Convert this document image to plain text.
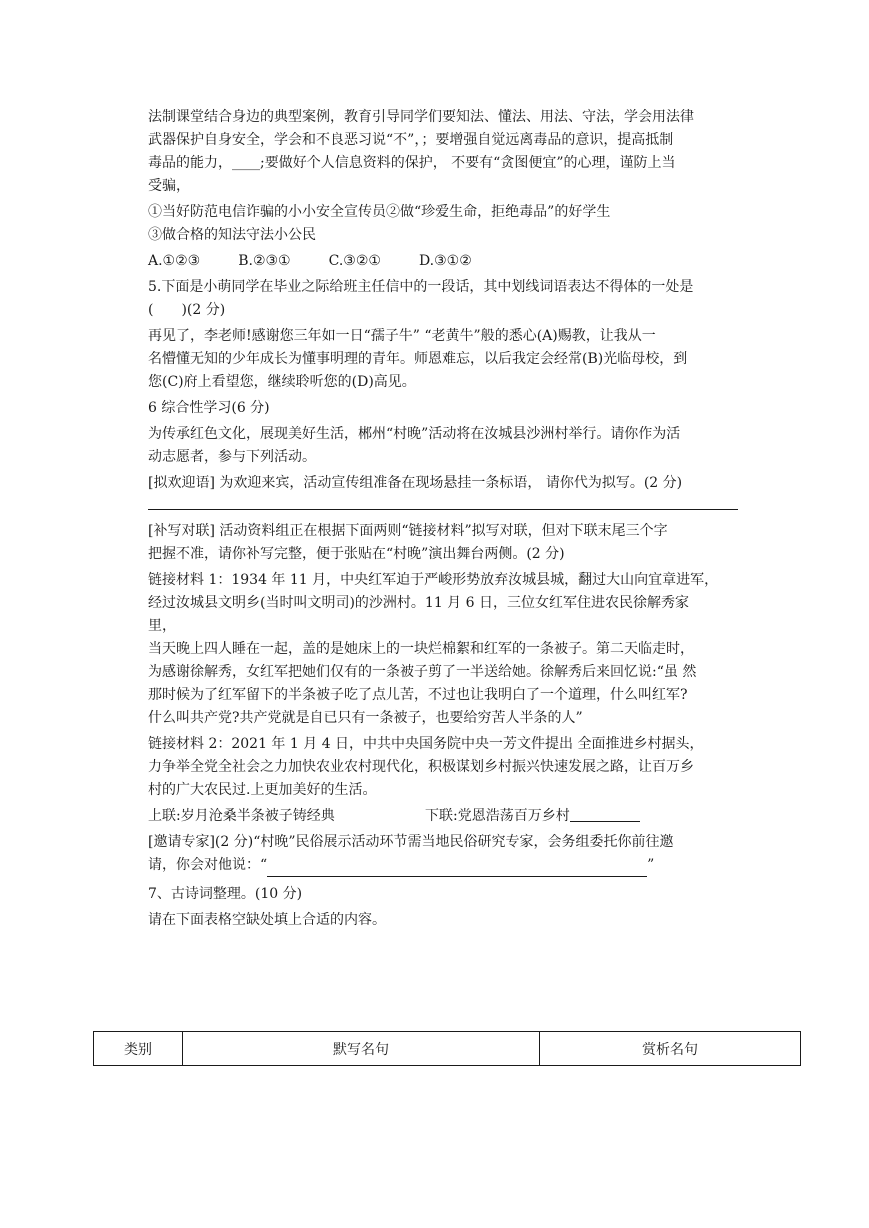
法制课堂结合身边的典型案例，教育引导同学们要知法、懂法、用法、守法，学会用法律
武器保护自身安全，学会和不良恶习说“不”，；要增强自觉远离毒品的意识，提高抵制
毒品的能力，____;要做好个人信息资料的保护， 不要有“贪图便宜”的心理，谨防上当
受骗，
①当好防范电信诈骗的小小安全宣传员②做“珍爱生命，拒绝毒品”的好学生
③做合格的知法守法小公民
A.①②③	B.②③①	C.③②①	D.③①②
5.下面是小萌同学在毕业之际给班主任信中的一段话，其中划线词语表达不得体的一处是
(　　)(2 分)
再见了，李老师!感谢您三年如一日“孺子牛” “老黄牛”般的悉心(A)赐教，让我从一
名懵懂无知的少年成长为懂事明理的青年。师恩难忘，以后我定会经常(B)光临母校，到
您(C)府上看望您，继续聆听您的(D)高见。
6 综合性学习(6 分)
为传承红色文化，展现美好生活，郴州“村晚”活动将在汝城县沙洲村举行。请你作为活
动志愿者，参与下列活动。
[拟欢迎语] 为欢迎来宾，活动宣传组准备在现场悬挂一条标语， 请你代为拟写。(2 分)
[补写对联] 活动资料组正在根据下面两则“链接材料”拟写对联，但对下联末尾三个字
把握不准，请你补写完整，便于张贴在“村晚”演出舞台两侧。(2 分)
链接材料 1：1934 年 11 月，中央红军迫于严峻形势放弃汝城县城，翻过大山向宜章进军，
经过汝城县文明乡(当时叫文明司)的沙洲村。11 月 6 日，三位女红军住进农民徐解秀家
里，
当天晚上四人睡在一起，盖的是她床上的一块烂棉絮和红军的一条被子。第二天临走时，
为感谢徐解秀，女红军把她们仅有的一条被子剪了一半送给她。徐解秀后来回忆说:“虽 然
那时候为了红军留下的半条被子吃了点儿苦，不过也让我明白了一个道理，什么叫红军?
什么叫共产党?共产党就是自已只有一条被子，也要给穷苦人半条的人”
链接材料 2：2021 年 1 月 4 日，中共中央国务院中央一芳文件提出 全面推进乡村据头，
力争举全党全社会之力加快农业农村现代化，积极谋划乡村振兴快速发展之路，让百万乡
村的广大农民过.上更加美好的生活。
上联:岁月沧桑半条被子铸经典	下联:党恩浩荡百万乡村
[邀请专家](2 分)“村晚”民俗展示活动环节需当地民俗研究专家，会务组委托你前往邀
请，你会对他说：“	”
7、古诗词整理。(10 分)
请在下面表格空缺处填上合适的内容。
类别	默写名句	赏析名句
